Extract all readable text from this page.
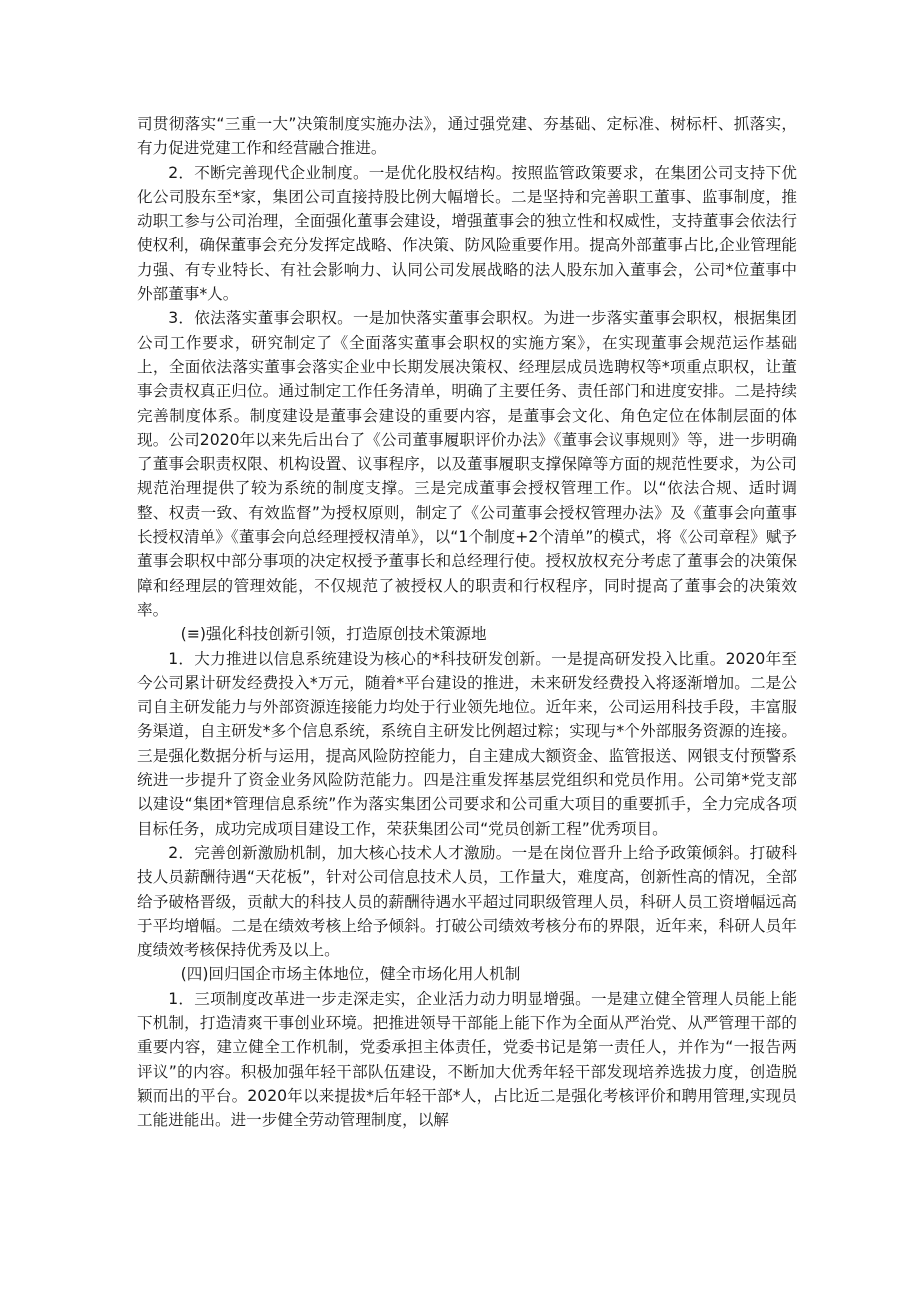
司贯彻落实“三重一大”决策制度实施办法》，通过强党建、夯基础、定标准、树标杆、抓落实，有力促进党建工作和经营融合推进。

2．不断完善现代企业制度。一是优化股权结构。按照监管政策要求，在集团公司支持下优化公司股东至*家，集团公司直接持股比例大幅增长。二是坚持和完善职工董事、监事制度，推动职工参与公司治理，全面强化董事会建设，增强董事会的独立性和权威性，支持董事会依法行使权利，确保董事会充分发挥定战略、作决策、防风险重要作用。提高外部董事占比,企业管理能力强、有专业特长、有社会影响力、认同公司发展战略的法人股东加入董事会，公司*位董事中外部董事*人。

3．依法落实董事会职权。一是加快落实董事会职权。为进一步落实董事会职权，根据集团公司工作要求，研究制定了《全面落实董事会职权的实施方案》，在实现董事会规范运作基础上，全面依法落实董事会落实企业中长期发展决策权、经理层成员选聘权等*项重点职权，让董事会责权真正归位。通过制定工作任务清单，明确了主要任务、责任部门和进度安排。二是持续完善制度体系。制度建设是董事会建设的重要内容，是董事会文化、角色定位在体制层面的体现。公司2020年以来先后出台了《公司董事履职评价办法》《董事会议事规则》等，进一步明确了董事会职责权限、机构设置、议事程序，以及董事履职支撑保障等方面的规范性要求，为公司规范治理提供了较为系统的制度支撑。三是完成董事会授权管理工作。以“依法合规、适时调整、权责一致、有效监督”为授权原则，制定了《公司董事会授权管理办法》及《董事会向董事长授权清单》《董事会向总经理授权清单》，以“1个制度+2个清单”的模式，将《公司章程》赋予董事会职权中部分事项的决定权授予董事长和总经理行使。授权放权充分考虑了董事会的决策保障和经理层的管理效能，不仅规范了被授权人的职责和行权程序，同时提高了董事会的决策效率。

(≡)强化科技创新引领，打造原创技术策源地

1．大力推进以信息系统建设为核心的*科技研发创新。一是提高研发投入比重。2020年至今公司累计研发经费投入*万元，随着*平台建设的推进，未来研发经费投入将逐渐增加。二是公司自主研发能力与外部资源连接能力均处于行业领先地位。近年来，公司运用科技手段，丰富服务渠道，自主研发*多个信息系统，系统自主研发比例超过粽；实现与*个外部服务资源的连接。三是强化数据分析与运用，提高风险防控能力，自主建成大额资金、监管报送、网银支付预警系统进一步提升了资金业务风险防范能力。四是注重发挥基层党组织和党员作用。公司第*党支部以建设“集团*管理信息系统”作为落实集团公司要求和公司重大项目的重要抓手，全力完成各项目标任务，成功完成项目建设工作，荣获集团公司“党员创新工程”优秀项目。

2．完善创新激励机制，加大核心技术人才激励。一是在岗位晋升上给予政策倾斜。打破科技人员薪酬待遇“天花板”，针对公司信息技术人员，工作量大，难度高，创新性高的情况，全部给予破格晋级，贡献大的科技人员的薪酬待遇水平超过同职级管理人员，科研人员工资增幅远高于平均增幅。二是在绩效考核上给予倾斜。打破公司绩效考核分布的界限，近年来，科研人员年度绩效考核保持优秀及以上。

(四)回归国企市场主体地位，健全市场化用人机制

1．三项制度改革进一步走深走实，企业活力动力明显增强。一是建立健全管理人员能上能下机制，打造清爽干事创业环境。把推进领导干部能上能下作为全面从严治党、从严管理干部的重要内容，建立健全工作机制，党委承担主体责任，党委书记是第一责任人，并作为“一报告两评议”的内容。积极加强年轻干部队伍建设，不断加大优秀年轻干部发现培养选拔力度，创造脱颖而出的平台。2020年以来提拔*后年轻干部*人，占比近二是强化考核评价和聘用管理,实现员工能进能出。进一步健全劳动管理制度，以解
